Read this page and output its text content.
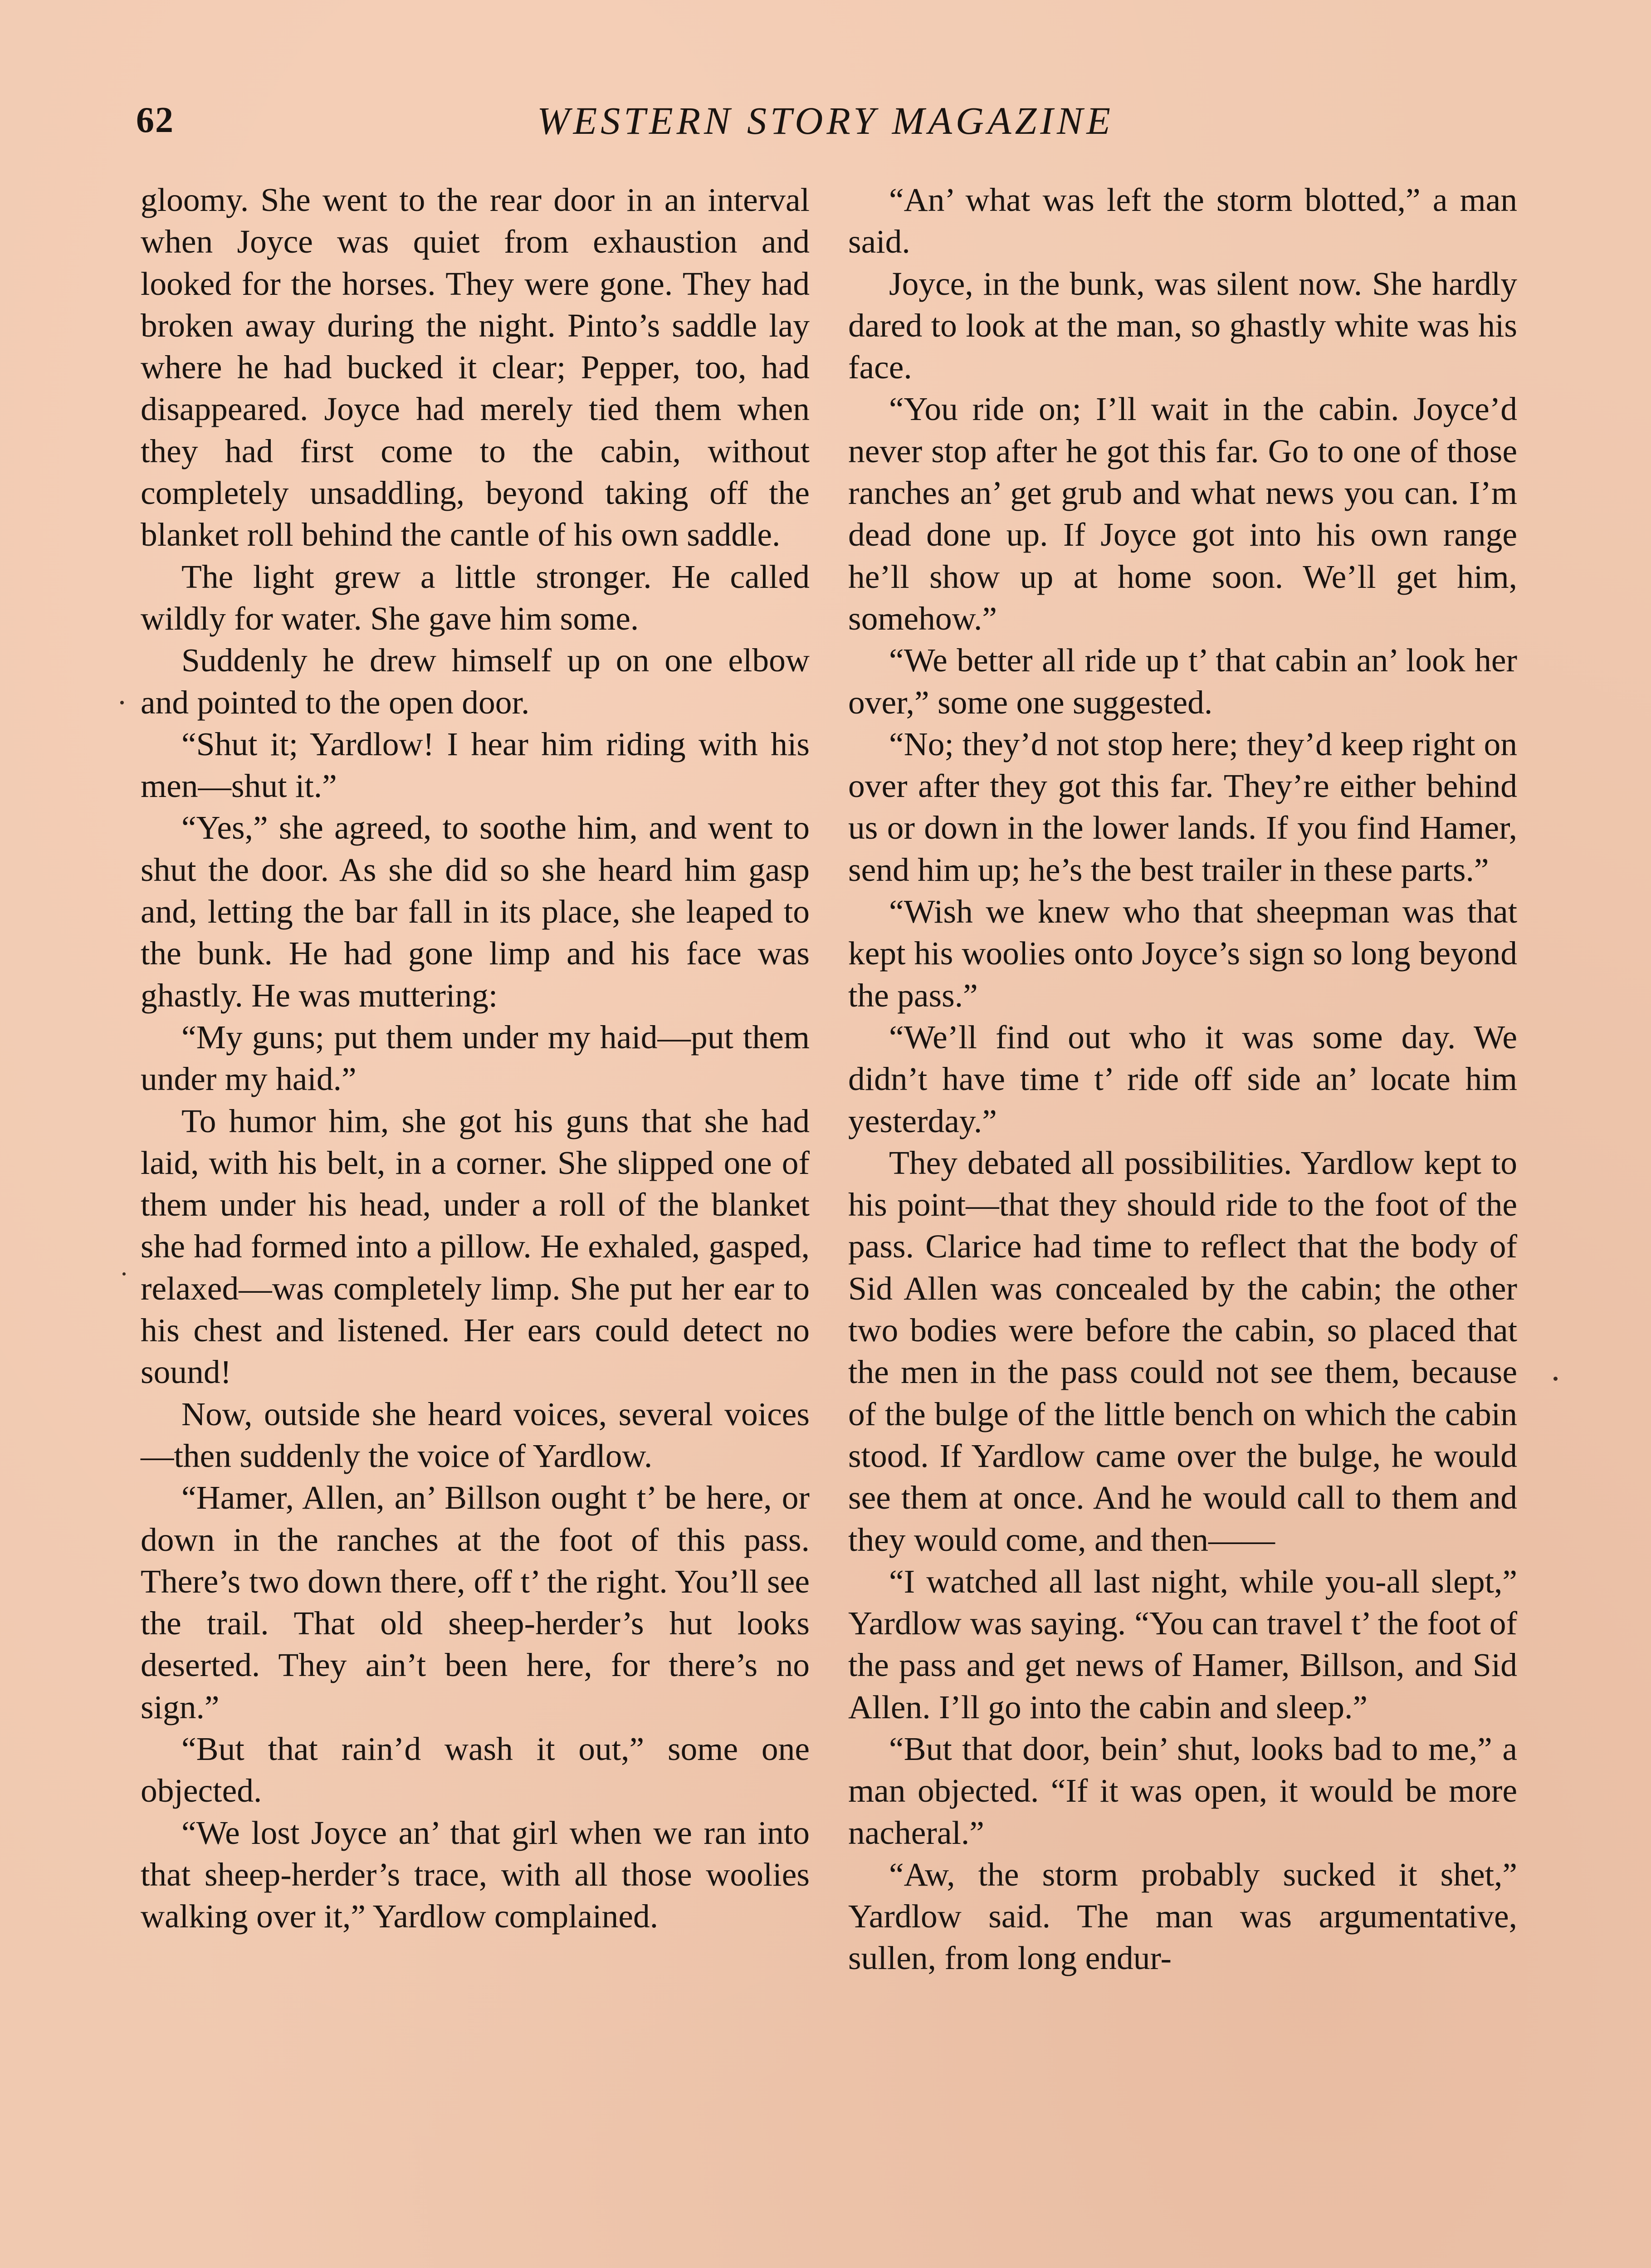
62	WESTERN STORY MAGAZINE

gloomy. She went to the rear door in an interval when Joyce was quiet from exhaustion and looked for the horses. They were gone. They had broken away during the night. Pinto’s saddle lay where he had bucked it clear; Pepper, too, had disappeared. Joyce had merely tied them when they had first come to the cabin, without completely unsaddling, beyond taking off the blanket roll behind the cantle of his own saddle.

The light grew a little stronger. He called wildly for water. She gave him some.

Suddenly he drew himself up on one elbow and pointed to the open door.

“Shut it; Yardlow! I hear him riding with his men—shut it.”

“Yes,” she agreed, to soothe him, and went to shut the door. As she did so she heard him gasp and, letting the bar fall in its place, she leaped to the bunk. He had gone limp and his face was ghastly. He was muttering:

“My guns; put them under my haid—put them under my haid.”

To humor him, she got his guns that she had laid, with his belt, in a corner. She slipped one of them under his head, under a roll of the blanket she had formed into a pillow. He exhaled, gasped, relaxed—was completely limp. She put her ear to his chest and listened. Her ears could detect no sound!

Now, outside she heard voices, several voices—then suddenly the voice of Yardlow.

“Hamer, Allen, an’ Billson ought t’ be here, or down in the ranches at the foot of this pass. There’s two down there, off t’ the right. You’ll see the trail. That old sheep-herder’s hut looks deserted. They ain’t been here, for there’s no sign.”

“But that rain’d wash it out,” some one objected.

“We lost Joyce an’ that girl when we ran into that sheep-herder’s trace, with all those woolies walking over it,” Yardlow complained.

“An’ what was left the storm blotted,” a man said.

Joyce, in the bunk, was silent now. She hardly dared to look at the man, so ghastly white was his face.

“You ride on; I’ll wait in the cabin. Joyce’d never stop after he got this far. Go to one of those ranches an’ get grub and what news you can. I’m dead done up. If Joyce got into his own range he’ll show up at home soon. We’ll get him, somehow.”

“We better all ride up t’ that cabin an’ look her over,” some one suggested.

“No; they’d not stop here; they’d keep right on over after they got this far. They’re either behind us or down in the lower lands. If you find Hamer, send him up; he’s the best trailer in these parts.”

“Wish we knew who that sheepman was that kept his woolies onto Joyce’s sign so long beyond the pass.”

“We’ll find out who it was some day. We didn’t have time t’ ride off side an’ locate him yesterday.”

They debated all possibilities. Yardlow kept to his point—that they should ride to the foot of the pass. Clarice had time to reflect that the body of Sid Allen was concealed by the cabin; the other two bodies were before the cabin, so placed that the men in the pass could not see them, because of the bulge of the little bench on which the cabin stood. If Yardlow came over the bulge, he would see them at once. And he would call to them and they would come, and then——

“I watched all last night, while you-all slept,” Yardlow was saying. “You can travel t’ the foot of the pass and get news of Hamer, Billson, and Sid Allen. I’ll go into the cabin and sleep.”

“But that door, bein’ shut, looks bad to me,” a man objected. “If it was open, it would be more nacheral.”

“Aw, the storm probably sucked it shet,” Yardlow said. The man was argumentative, sullen, from long endur-
